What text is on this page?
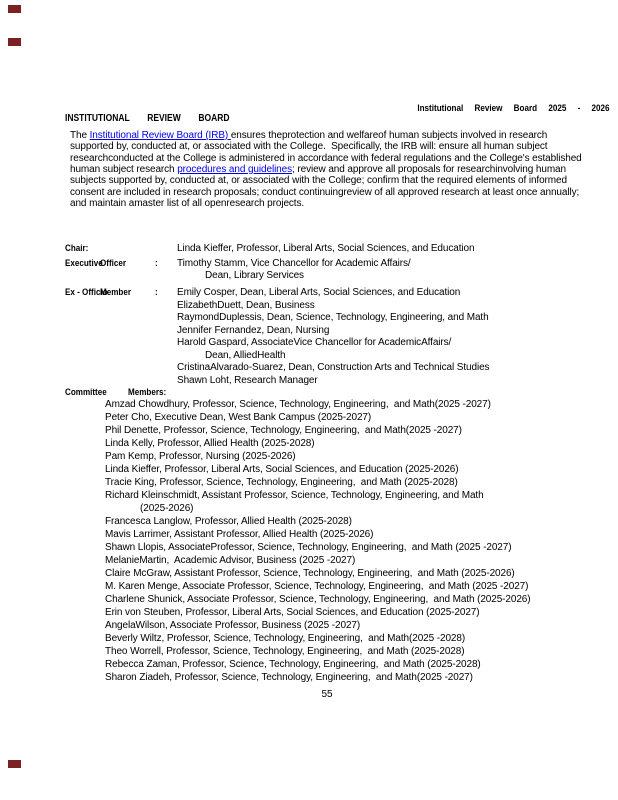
Institutional Review Board 2025 - 2026
INSTITUTIONAL REVIEW BOARD
The Institutional Review Board (IRB) ensures theprotection and welfareof human subjects involved in research supported by, conducted at, or associated with the College.  Specifically, the IRB will: ensure all human subject researchconducted at the College is administered in accordance with federal regulations and the College's established human subject research procedures and guidelines; review and approve all proposals for researchinvolving human subjects supported by, conducted at, or associated with the College; confirm that the required elements of informed consent are included in research proposals; conduct continuingreview of all approved research at least once annually; and maintain amaster list of all openresearch projects.
Chair:	Linda Kieffer, Professor, Liberal Arts, Social Sciences, and Education
Executive
Officer	: Timothy Stamm, Vice Chancellor for Academic Affairs/
Dean, Library Services
Ex - Officio
Member	: Emily Cosper, Dean, Liberal Arts, Social Sciences, and Education
ElizabethDuett, Dean, Business
RaymondDuplessis, Dean, Science, Technology, Engineering, and Math
Jennifer Fernandez, Dean, Nursing
Harold Gaspard, AssociateVice Chancellor for AcademicAffairs/
Dean, AlliedHealth
CristinaAlvarado-Suarez, Dean, Construction Arts and Technical Studies
Shawn Loht, Research Manager
Committee Members:
Amzad Chowdhury, Professor, Science, Technology, Engineering,  and Math(2025 -2027)
Peter Cho, Executive Dean, West Bank Campus (2025-2027)
Phil Denette, Professor, Science, Technology, Engineering,  and Math(2025 -2027)
Linda Kelly, Professor, Allied Health (2025-2028)
Pam Kemp, Professor, Nursing (2025-2026)
Linda Kieffer, Professor, Liberal Arts, Social Sciences, and Education (2025-2026)
Tracie King, Professor, Science, Technology, Engineering,  and Math (2025-2028)
Richard Kleinschmidt, Assistant Professor, Science, Technology, Engineering, and Math
(2025-2026)
Francesca Langlow, Professor, Allied Health (2025-2028)
Mavis Larrimer, Assistant Professor, Allied Health (2025-2026)
Shawn Llopis, AssociateProfessor, Science, Technology, Engineering,  and Math (2025 -2027)
MelanieMartin,  Academic Advisor, Business (2025 -2027)
Claire McGraw, Assistant Professor, Science, Technology, Engineering,  and Math (2025-2026)
M. Karen Menge, Associate Professor, Science, Technology, Engineering,  and Math (2025 -2027)
Charlene Shunick, Associate Professor, Science, Technology, Engineering,  and Math (2025-2026)
Erin von Steuben, Professor, Liberal Arts, Social Sciences, and Education (2025-2027)
AngelaWilson, Associate Professor, Business (2025 -2027)
Beverly Wiltz, Professor, Science, Technology, Engineering,  and Math(2025 -2028)
Theo Worrell, Professor, Science, Technology, Engineering,  and Math (2025-2028)
Rebecca Zaman, Professor, Science, Technology, Engineering,  and Math (2025-2028)
Sharon Ziadeh, Professor, Science, Technology, Engineering,  and Math(2025 -2027)
55
